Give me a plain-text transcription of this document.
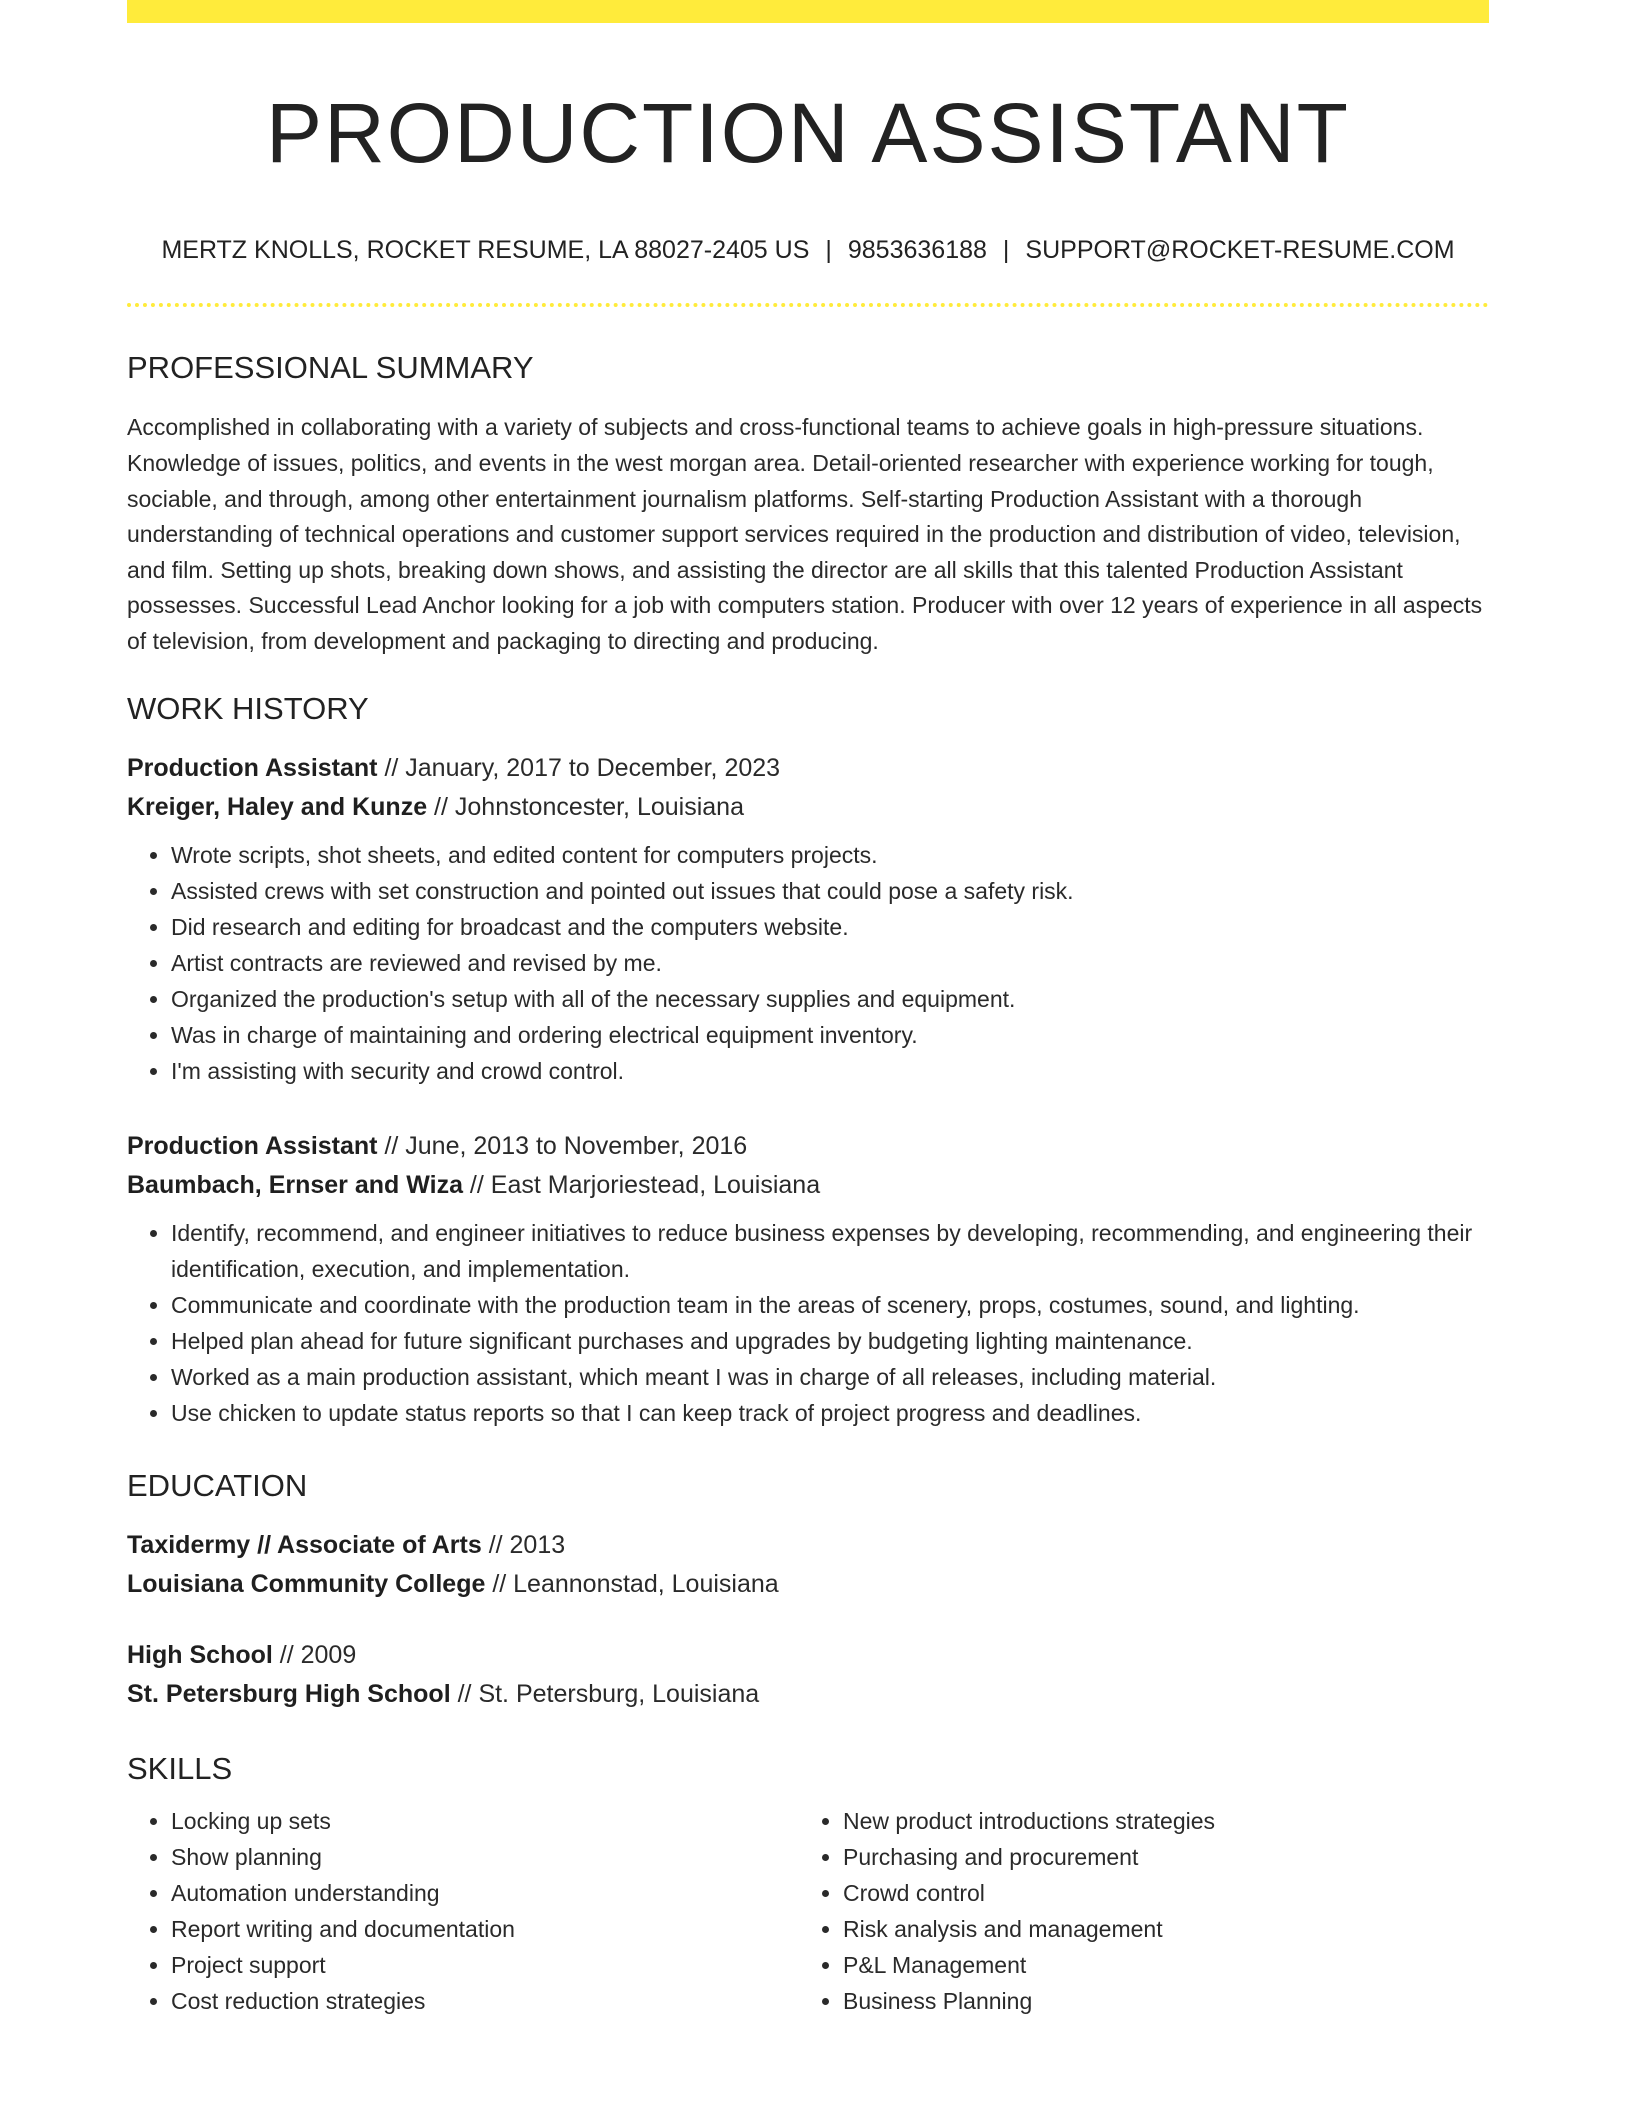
PRODUCTION ASSISTANT
MERTZ KNOLLS, ROCKET RESUME, LA 88027-2405 US | 9853636188 | SUPPORT@ROCKET-RESUME.COM
PROFESSIONAL SUMMARY
Accomplished in collaborating with a variety of subjects and cross-functional teams to achieve goals in high-pressure situations. Knowledge of issues, politics, and events in the west morgan area. Detail-oriented researcher with experience working for tough, sociable, and through, among other entertainment journalism platforms. Self-starting Production Assistant with a thorough understanding of technical operations and customer support services required in the production and distribution of video, television, and film. Setting up shots, breaking down shows, and assisting the director are all skills that this talented Production Assistant possesses. Successful Lead Anchor looking for a job with computers station. Producer with over 12 years of experience in all aspects of television, from development and packaging to directing and producing.
WORK HISTORY
Production Assistant // January, 2017 to December, 2023
Kreiger, Haley and Kunze // Johnstoncester, Louisiana
• Wrote scripts, shot sheets, and edited content for computers projects.
• Assisted crews with set construction and pointed out issues that could pose a safety risk.
• Did research and editing for broadcast and the computers website.
• Artist contracts are reviewed and revised by me.
• Organized the production's setup with all of the necessary supplies and equipment.
• Was in charge of maintaining and ordering electrical equipment inventory.
• I'm assisting with security and crowd control.
Production Assistant // June, 2013 to November, 2016
Baumbach, Ernser and Wiza // East Marjoriestead, Louisiana
• Identify, recommend, and engineer initiatives to reduce business expenses by developing, recommending, and engineering their identification, execution, and implementation.
• Communicate and coordinate with the production team in the areas of scenery, props, costumes, sound, and lighting.
• Helped plan ahead for future significant purchases and upgrades by budgeting lighting maintenance.
• Worked as a main production assistant, which meant I was in charge of all releases, including material.
• Use chicken to update status reports so that I can keep track of project progress and deadlines.
EDUCATION
Taxidermy // Associate of Arts // 2013
Louisiana Community College // Leannonstad, Louisiana
High School // 2009
St. Petersburg High School // St. Petersburg, Louisiana
SKILLS
• Locking up sets
• Show planning
• Automation understanding
• Report writing and documentation
• Project support
• Cost reduction strategies
• New product introductions strategies
• Purchasing and procurement
• Crowd control
• Risk analysis and management
• P&L Management
• Business Planning
